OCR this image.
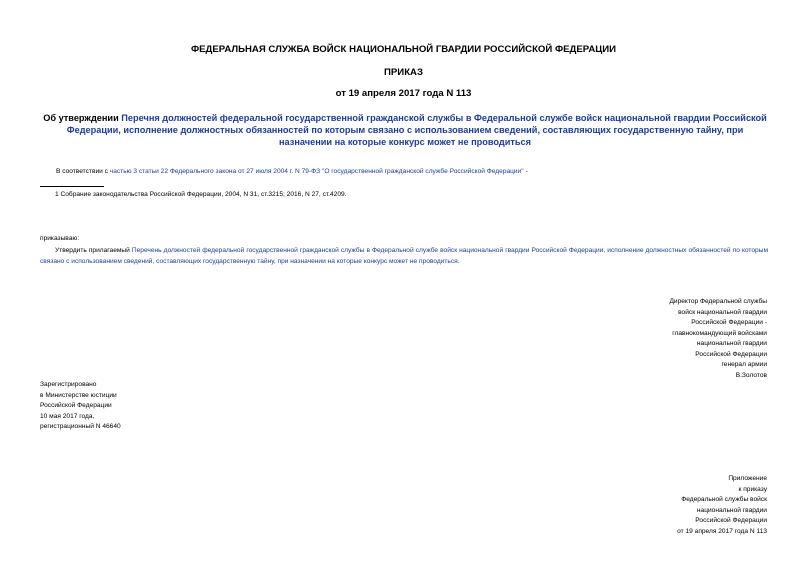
ФЕДЕРАЛЬНАЯ СЛУЖБА ВОЙСК НАЦИОНАЛЬНОЙ ГВАРДИИ РОССИЙСКОЙ ФЕДЕРАЦИИ
ПРИКАЗ
от 19 апреля 2017 года N 113
Об утверждении Перечня должностей федеральной государственной гражданской службы в Федеральной службе войск национальной гвардии Российской Федерации, исполнение должностных обязанностей по которым связано с использованием сведений, составляющих государственную тайну, при назначении на которые конкурс может не проводиться
В соответствии с частью 3 статьи 22 Федерального закона от 27 июля 2004 г. N 79-ФЗ "О государственной гражданской службе Российской Федерации" -
1 Собрание законодательства Российской Федерации, 2004, N 31, ст.3215; 2016, N 27, ст.4209.
приказываю:
Утвердить прилагаемый Перечень должностей федеральной государственной гражданской службы в Федеральной службе войск национальной гвардии Российской Федерации, исполнение должностных обязанностей по которым связано с использованием сведений, составляющих государственную тайну, при назначении на которые конкурс может не проводиться.
Директор Федеральной службы
войск национальной гвардии
Российской Федерации -
главнокомандующий войсками
национальной гвардии
Российской Федерации
генерал армии
В.Золотов
Зарегистрировано
в Министерстве юстиции
Российской Федерации
10 мая 2017 года,
регистрационный N 46640
Приложение
к приказу
Федеральной службы войск
национальной гвардии
Российской Федерации
от 19 апреля 2017 года N 113
